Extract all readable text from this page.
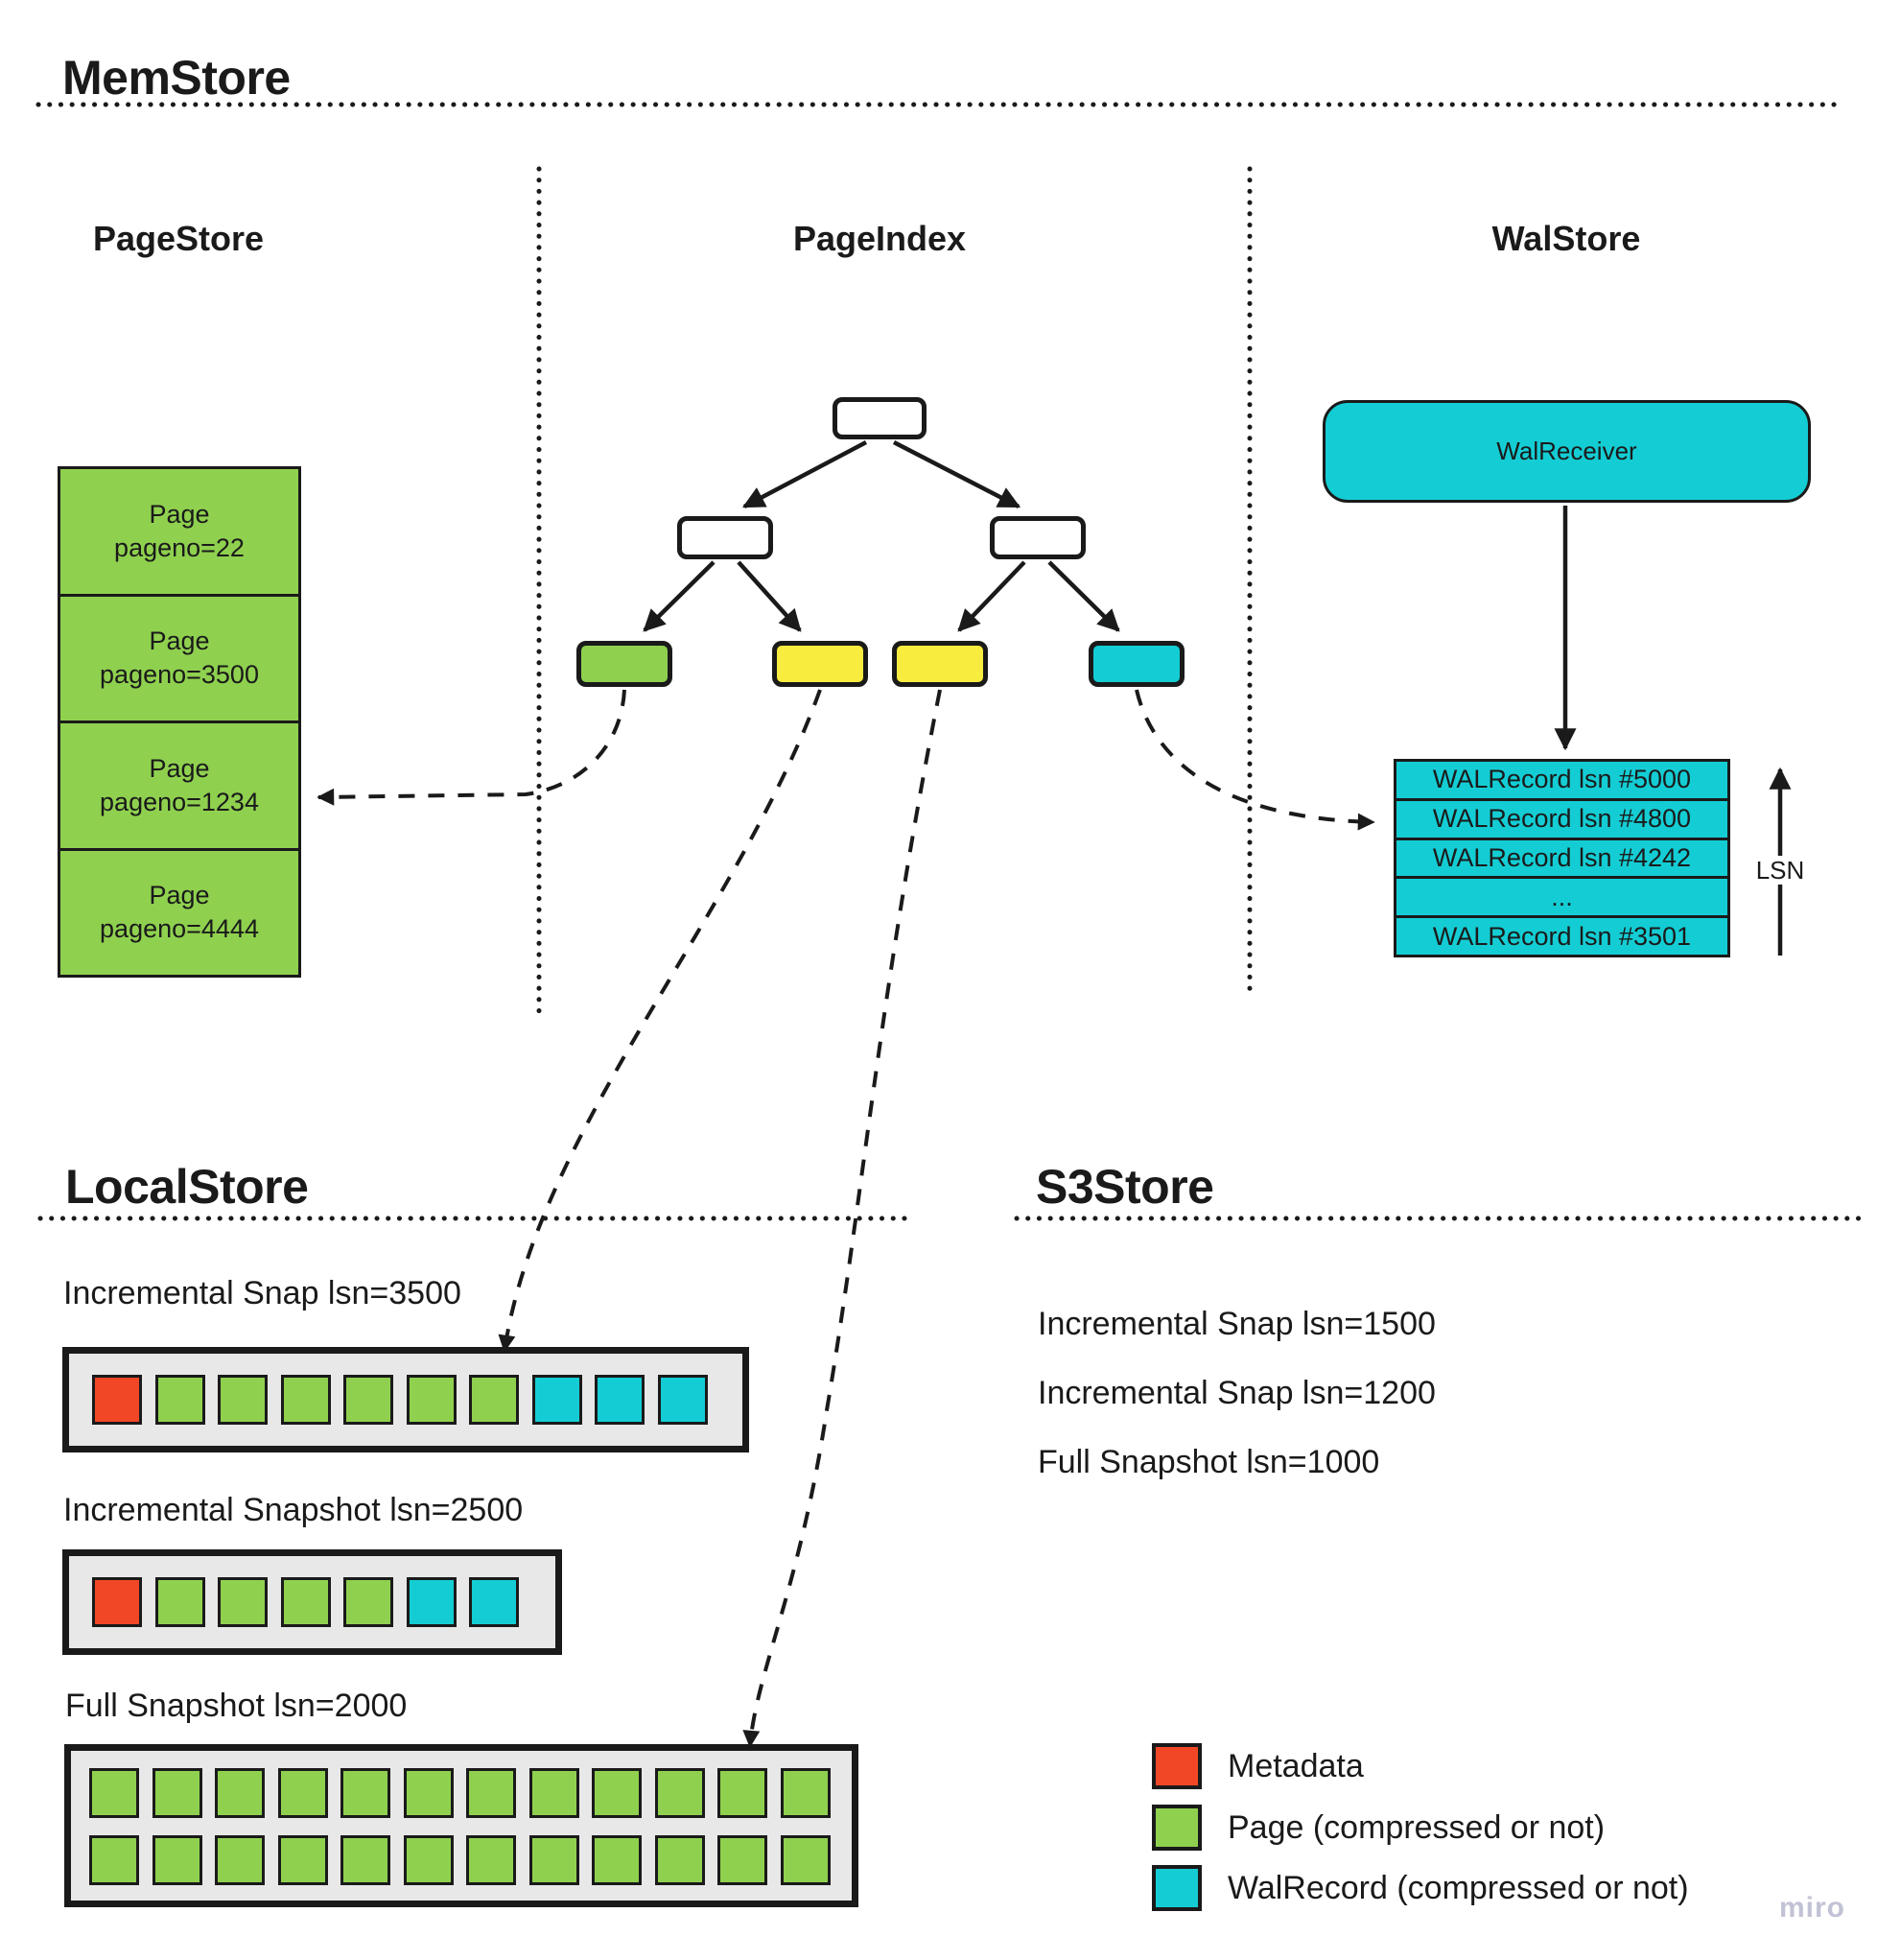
MemStore
PageStore	PageIndex	WalStore
Page
pageno=22
Page
pageno=3500
Page
pageno=1234
Page
pageno=4444
WalReceiver
WALRecord lsn #5000
WALRecord lsn #4800
WALRecord lsn #4242
...
WALRecord lsn #3501
LSN
LocalStore
Incremental Snap lsn=3500
Incremental Snapshot lsn=2500
Full Snapshot lsn=2000
S3Store
Incremental Snap lsn=1500
Incremental Snap lsn=1200
Full Snapshot lsn=1000
Metadata
Page (compressed or not)
WalRecord (compressed or not)
miro
